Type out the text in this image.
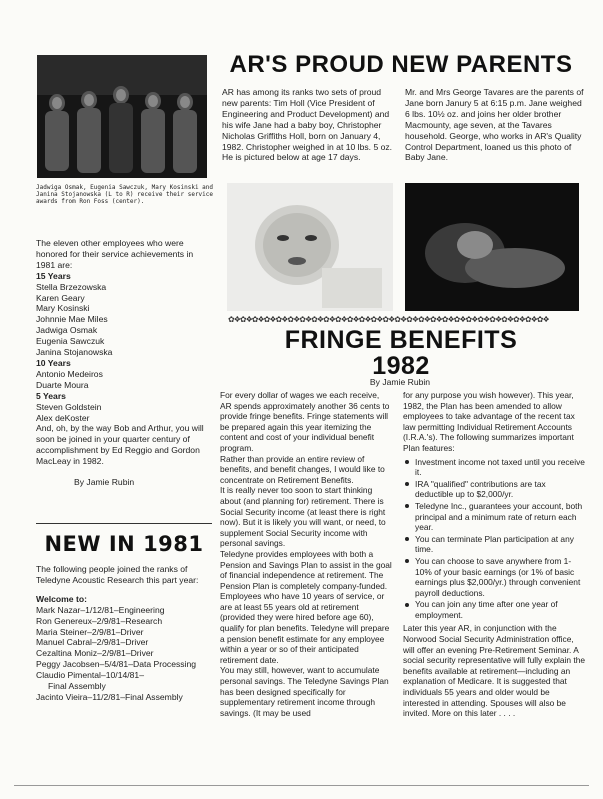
Jadwiga Osmak, Eugenia Sawczuk, Mary Kosinski and Janina Stojanowska (L to R) receive their service awards from Ron Foss (center).
AR'S PROUD NEW PARENTS
AR has among its ranks two sets of proud new parents: Tim Holl (Vice President of Engineering and Product Development) and his wife Jane had a baby boy, Christopher Nicholas Griffiths Holl, born on January 4, 1982. Christopher weighed in at 10 lbs. 5 oz. He is pictured below at age 17 days.
Mr. and Mrs George Tavares are the parents of Jane born Janury 5 at 6:15 p.m. Jane weighed 6 lbs. 10½ oz. and joins her older brother Macmounty, age seven, at the Tavares household. George, who works in AR's Quality Control Department, loaned us this photo of Baby Jane.
✿❖✿❖✿❖✿❖✿❖✿❖✿❖✿❖✿❖✿❖✿❖✿❖✿❖✿❖✿❖✿❖✿❖✿❖✿❖✿❖✿❖✿❖✿❖✿❖✿❖✿❖✿❖
FRINGE BENEFITS
1982
By Jamie Rubin

The eleven other employees who were honored for their service achievements in 1981 are:

15 Years

Stella Brzezowska

Karen Geary

Mary Kosinski

Johnnie Mae Miles

Jadwiga Osmak

Eugenia Sawczuk

Janina Stojanowska

10 Years

Antonio Medeiros

Duarte Moura

5 Years

Steven Goldstein

Alex deKoster

And, oh, by the way Bob and Arthur, you will soon be joined in your quarter century of accomplishment by Ed Reggio and Gordon MacLeay in 1982.

By Jamie Rubin

NEW IN 1981

The following people joined the ranks of Teledyne Acoustic Research this part year:

Welcome to:

Mark Nazar–1/12/81–Engineering

Ron Genereux–2/9/81–Research

Maria Steiner–2/9/81–Driver

Manuel Cabral–2/9/81–Driver

Cezaltina Moniz–2/9/81–Driver

Peggy Jacobsen–5/4/81–Data Processing

Claudio Pimental–10/14/81–

Final Assembly

Jacinto Vieira–11/2/81–Final Assembly

For every dollar of wages we each receive, AR spends approximately another 36 cents to provide fringe benefits. Fringe statements will be prepared again this year itemizing the content and cost of your individual benefit program.

Rather than provide an entire review of benefits, and benefit changes, I would like to concentrate on Retirement Benefits.

It is really never too soon to start thinking about (and planning for) retirement. There is Social Security income (at least there is right now). But it is likely you will want, or need, to supplement Social Security income with personal savings.

Teledyne provides employees with both a Pension and Savings Plan to assist in the goal of financial independence at retirement. The Pension Plan is completely company-funded. Employees who have 10 years of service, or are at least 55 years old at retirement (provided they were hired before age 60), qualify for plan benefits. Teledyne will prepare a pension benefit estimate for any employee within a year or so of their anticipated retirement date.

You may still, however, want to accumulate personal savings. The Teledyne Savings Plan has been designed specifically for supplementary retirement income through savings. (It may be used

for any purpose you wish however). This year, 1982, the Plan has been amended to allow employees to take advantage of the recent tax law permitting Individual Retirement Accounts (I.R.A.'s). The following summarizes important Plan features:

Investment income not taxed until you receive it.
IRA "qualified" contributions are tax deductible up to $2,000/yr.
Teledyne Inc., guarantees your account, both principal and a minimum rate of return each year.
You can terminate Plan participation at any time.
You can choose to save anywhere from 1-10% of your basic earnings (or 1% of basic earnings plus $2,000/yr.) through convenient payroll deductions.
You can join any time after one year of employment.

Later this year AR, in conjunction with the Norwood Social Security Administration office, will offer an evening Pre-Retirement Seminar. A social security representative will fully explain the benefits available at retirement—including an explanation of Medicare. It is suggested that individuals 55 years and older would be interested in attending. Spouses will also be invited. More on this later . . . .
